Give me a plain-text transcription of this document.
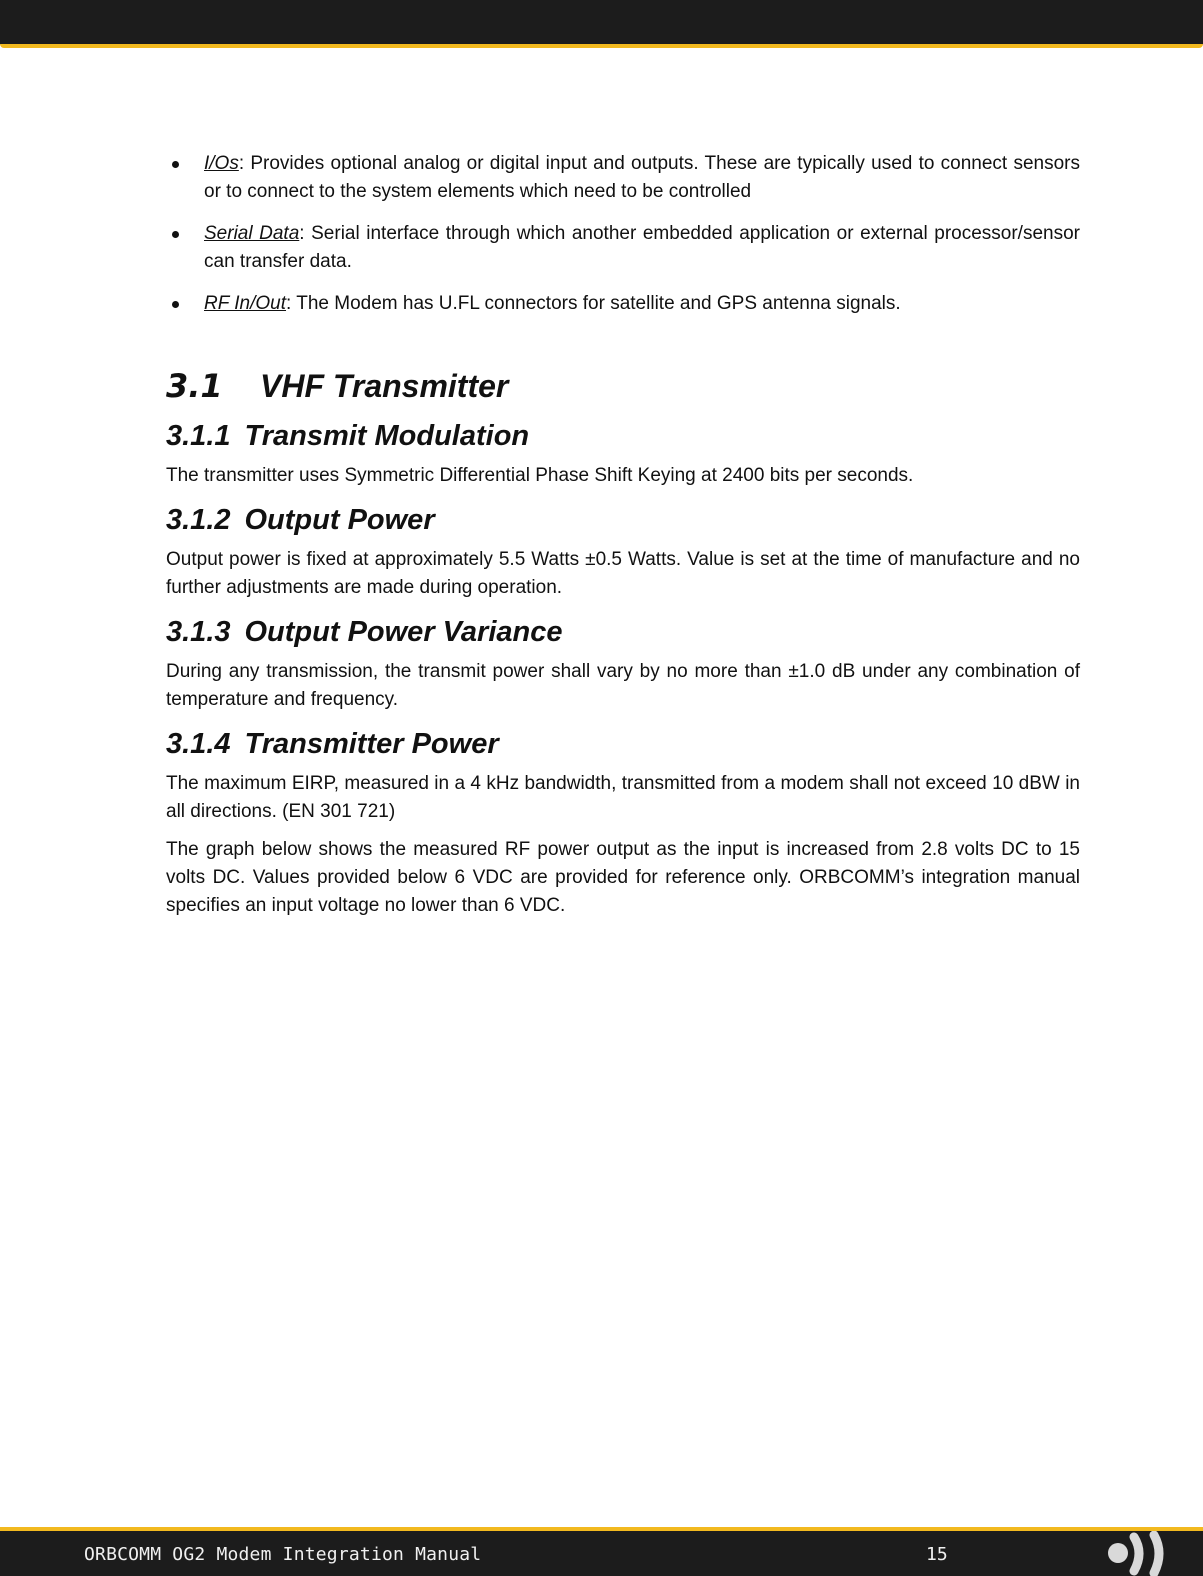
I/Os: Provides optional analog or digital input and outputs. These are typically used to connect sensors or to connect to the system elements which need to be controlled
Serial Data: Serial interface through which another embedded application or external processor/sensor can transfer data.
RF In/Out: The Modem has U.FL connectors for satellite and GPS antenna signals.
3.1 VHF Transmitter
3.1.1 Transmit Modulation

The transmitter uses Symmetric Differential Phase Shift Keying at 2400 bits per seconds.

3.1.2 Output Power

Output power is fixed at approximately 5.5 Watts ±0.5 Watts. Value is set at the time of manufacture and no further adjustments are made during operation.

3.1.3 Output Power Variance

During any transmission, the transmit power shall vary by no more than ±1.0 dB under any combination of temperature and frequency.

3.1.4 Transmitter Power

The maximum EIRP, measured in a 4 kHz bandwidth, transmitted from a modem shall not exceed 10 dBW in all directions. (EN 301 721)

The graph below shows the measured RF power output as the input is increased from 2.8 volts DC to 15 volts DC. Values provided below 6 VDC are provided for reference only. ORBCOMM’s integration manual specifies an input voltage no lower than 6 VDC.

ORBCOMM OG2 Modem Integration Manual	15
